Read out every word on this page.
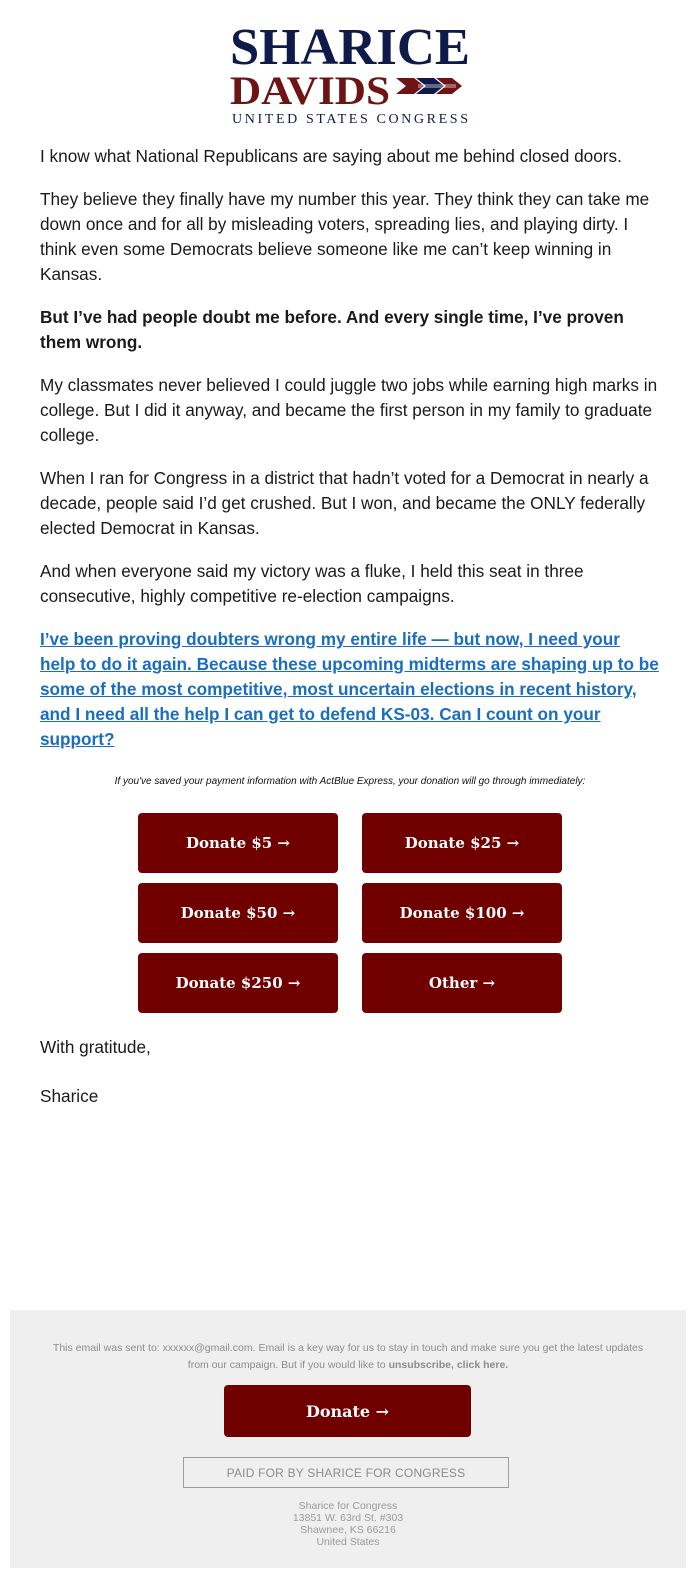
SHARICE
DAVIDS
UNITED STATES CONGRESS

I know what National Republicans are saying about me behind closed doors.

They believe they finally have my number this year. They think they can take me down once and for all by misleading voters, spreading lies, and playing dirty. I think even some Democrats believe someone like me can’t keep winning in Kansas.

But I’ve had people doubt me before. And every single time, I’ve proven them wrong.

My classmates never believed I could juggle two jobs while earning high marks in college. But I did it anyway, and became the first person in my family to graduate college.

When I ran for Congress in a district that hadn’t voted for a Democrat in nearly a decade, people said I’d get crushed. But I won, and became the ONLY federally elected Democrat in Kansas.

And when everyone said my victory was a fluke, I held this seat in three consecutive, highly competitive re-election campaigns.

I’ve been proving doubters wrong my entire life — but now, I need your help to do it again. Because these upcoming midterms are shaping up to be some of the most competitive, most uncertain elections in recent history, and I need all the help I can get to defend KS-03. Can I count on your support?
If you've saved your payment information with ActBlue Express, your donation will go through immediately:
Donate $5 →	Donate $25 →
Donate $50 →	Donate $100 →
Donate $250 →	Other →

With gratitude,

Sharice

This email was sent to: xxxxxx@gmail.com. Email is a key way for us to stay in touch and make sure you get the latest updates from our campaign. But if you would like to unsubscribe, click here.
Donate →
PAID FOR BY SHARICE FOR CONGRESS
Sharice for Congress
13851 W. 63rd St. #303
Shawnee, KS 66216
United States
